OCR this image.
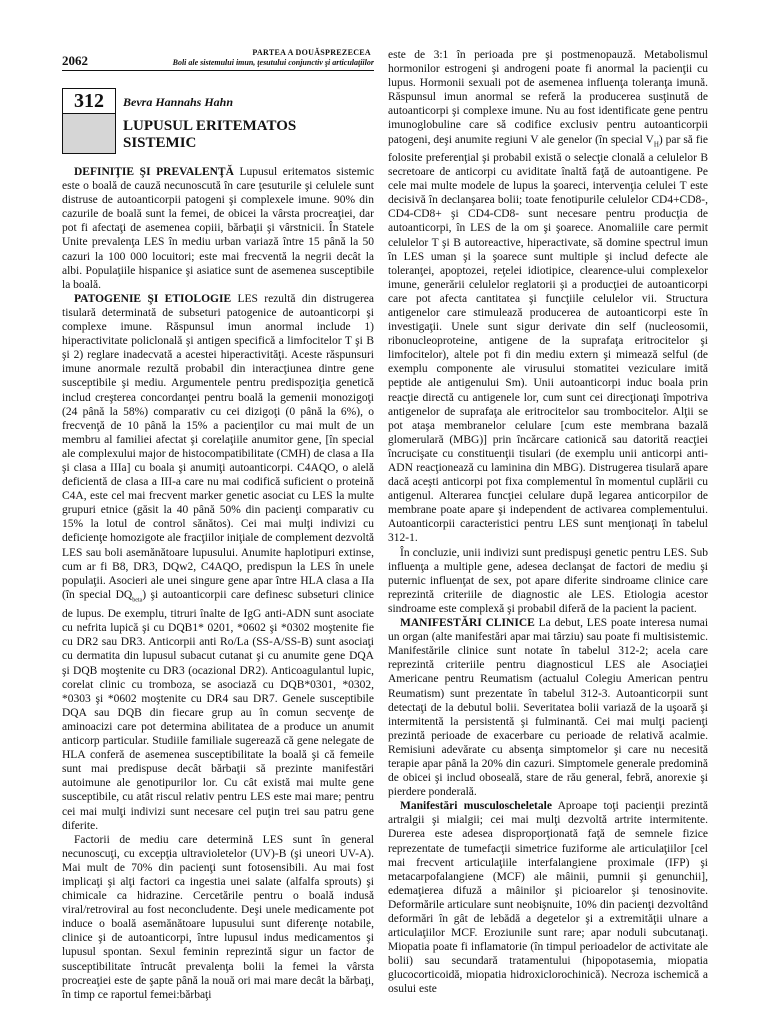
2062
PARTEA A DOUĂSPREZECEA
Boli ale sistemului imun, ţesutului conjunctiv şi articulaţiilor
312	Bevra Hannahs Hahn
LUPUSUL ERITEMATOS
SISTEMIC

DEFINIŢIE ŞI PREVALENŢĂ Lupusul eritematos sistemic este o boală de cauză necunoscută în care ţesuturile şi celulele sunt distruse de autoanticorpii patogeni şi complexele imune. 90% din cazurile de boală sunt la femei, de obicei la vârsta procreaţiei, dar pot fi afectaţi de asemenea copiii, bărbaţii şi vârstnicii. În Statele Unite prevalenţa LES în mediu urban variază între 15 până la 50 cazuri la 100 000 locuitori; este mai frecventă la negrii decât la albi. Populaţiile hispanice şi asiatice sunt de asemenea susceptibile la boală.

PATOGENIE ŞI ETIOLOGIE LES rezultă din distrugerea tisulară determinată de subseturi patogenice de autoanticorpi şi complexe imune. Răspunsul imun anormal include 1) hiperactivitate policlonală şi antigen specifică a limfocitelor T şi B şi 2) reglare inadecvată a acestei hiperactivităţi. Aceste răspunsuri imune anormale rezultă probabil din interacţiunea dintre gene susceptibile şi mediu. Argumentele pentru predispoziţia genetică includ creşterea concordanţei pentru boală la gemenii monozigoţi (24 până la 58%) comparativ cu cei dizigoţi (0 până la 6%), o frecvenţă de 10 până la 15% a pacienţilor cu mai mult de un membru al familiei afectat şi corelaţiile anumitor gene, [în special ale complexului major de histocompatibilitate (CMH) de clasa a IIa şi clasa a IIIa] cu boala şi anumiţi autoanticorpi. C4AQO, o alelă deficientă de clasa a III-a care nu mai codifică suficient o proteină C4A, este cel mai frecvent marker genetic asociat cu LES la multe grupuri etnice (găsit la 40 până 50% din pacienţi comparativ cu 15% la lotul de control sănătos). Cei mai mulţi indivizi cu deficienţe homozigote ale fracţiilor iniţiale de complement dezvoltă LES sau boli asemănătoare lupusului. Anumite haplotipuri extinse, cum ar fi B8, DR3, DQw2, C4AQO, predispun la LES în unele populaţii. Asocieri ale unei singure gene apar între HLA clasa a IIa (în special $DQ_{beta}$) şi autoanticorpii care definesc subseturi clinice de lupus. De exemplu, titruri înalte de IgG anti-ADN sunt asociate cu nefrita lupică şi cu DQB1* 0201, *0602 şi *0302 moştenite fie cu DR2 sau DR3. Anticorpii anti Ro/La (SS-A/SS-B) sunt asociaţi cu dermatita din lupusul subacut cutanat şi cu anumite gene DQA şi DQB moştenite cu DR3 (ocazional DR2). Anticoagulantul lupic, corelat clinic cu tromboza, se asociază cu DQB*0301, *0302, *0303 şi *0602 moştenite cu DR4 sau DR7. Genele susceptibile DQA sau DQB din fiecare grup au în comun secvenţe de aminoacizi care pot determina abilitatea de a produce un anumit anticorp particular. Studiile familiale sugerează că gene nelegate de HLA conferă de asemenea susceptibilitate la boală şi că femeile sunt mai predispuse decât bărbaţii să prezinte manifestări autoimune ale genotipurilor lor. Cu cât există mai multe gene susceptibile, cu atât riscul relativ pentru LES este mai mare; pentru cei mai mulţi indivizi sunt necesare cel puţin trei sau patru gene diferite.

Factorii de mediu care determină LES sunt în general necunoscuţi, cu excepţia ultravioletelor (UV)-B (şi uneori UV-A). Mai mult de 70% din pacienţi sunt fotosensibili. Au mai fost implicaţi şi alţi factori ca ingestia unei salate (alfalfa sprouts) şi chimicale ca hidrazine. Cercetările pentru o boală indusă viral/retroviral au fost neconcludente. Deşi unele medicamente pot induce o boală asemănătoare lupusului sunt diferenţe notabile, clinice şi de autoanticorpi, între lupusul indus medicamentos şi lupusul spontan. Sexul feminin reprezintă sigur un factor de susceptibilitate întrucât prevalenţa bolii la femei la vârsta procreaţiei este de şapte până la nouă ori mai mare decât la bărbaţi, în timp ce raportul femei:bărbaţi

este de 3:1 în perioada pre şi postmenopauză. Metabolismul hormonilor estrogeni şi androgeni poate fi anormal la pacienţii cu lupus. Hormonii sexuali pot de asemenea influenţa toleranţa imună. Răspunsul imun anormal se referă la producerea susţinută de autoanticorpi şi complexe imune. Nu au fost identificate gene pentru imunoglobuline care să codifice exclusiv pentru autoanticorpii patogeni, deşi anumite regiuni V ale genelor (în special $V_H$) par să fie folosite preferenţial şi probabil există o selecţie clonală a celulelor B secretoare de anticorpi cu aviditate înaltă faţă de autoantigene. Pe cele mai multe modele de lupus la şoareci, intervenţia celulei T este decisivă în declanşarea bolii; toate fenotipurile celulelor CD4+CD8-, CD4-CD8+ şi CD4-CD8- sunt necesare pentru producţia de autoanticorpi, în LES de la om şi şoarece. Anomaliile care permit celulelor T şi B autoreactive, hiperactivate, să domine spectrul imun în LES uman şi la şoarece sunt multiple şi includ defecte ale toleranţei, apoptozei, reţelei idiotipice, clearence-ului complexelor imune, generării celulelor reglatorii şi a producţiei de autoanticorpi care pot afecta cantitatea şi funcţiile celulelor vii. Structura antigenelor care stimulează producerea de autoanticorpi este în investigaţii. Unele sunt sigur derivate din self (nucleosomii, ribonucleoproteine, antigene de la suprafaţa eritrocitelor şi limfocitelor), altele pot fi din mediu extern şi mimează selful (de exemplu componente ale virusului stomatitei veziculare imită peptide ale antigenului Sm). Unii autoanticorpi induc boala prin reacţie directă cu antigenele lor, cum sunt cei direcţionaţi împotriva antigenelor de suprafaţa ale eritrocitelor sau trombocitelor. Alţii se pot ataşa membranelor celulare [cum este membrana bazală glomerulară (MBG)] prin încărcare cationică sau datorită reacţiei încrucişate cu constituenţii tisulari (de exemplu unii anticorpi anti-ADN reacţionează cu laminina din MBG). Distrugerea tisulară apare dacă aceşti anticorpi pot fixa complementul în momentul cuplării cu antigenul. Alterarea funcţiei celulare după legarea anticorpilor de membrane poate apare şi independent de activarea complementului. Autoanticorpii caracteristici pentru LES sunt menţionaţi în tabelul 312-1.

În concluzie, unii indivizi sunt predispuşi genetic pentru LES. Sub influenţa a multiple gene, adesea declanşat de factori de mediu şi puternic influenţat de sex, pot apare diferite sindroame clinice care reprezintă criteriile de diagnostic ale LES. Etiologia acestor sindroame este complexă şi probabil diferă de la pacient la pacient.

MANIFESTĂRI CLINICE La debut, LES poate interesa numai un organ (alte manifestări apar mai târziu) sau poate fi multisistemic. Manifestările clinice sunt notate în tabelul 312-2; acela care reprezintă criteriile pentru diagnosticul LES ale Asociaţiei Americane pentru Reumatism (actualul Colegiu American pentru Reumatism) sunt prezentate în tabelul 312-3. Autoanticorpii sunt detectaţi de la debutul bolii. Severitatea bolii variază de la uşoară şi intermitentă la persistentă şi fulminantă. Cei mai mulţi pacienţi prezintă perioade de exacerbare cu perioade de relativă acalmie. Remisiuni adevărate cu absenţa simptomelor şi care nu necesită terapie apar până la 20% din cazuri. Simptomele generale predomină de obicei şi includ oboseală, stare de rău general, febră, anorexie şi pierdere ponderală.

Manifestări musculoscheletale Aproape toţi pacienţii prezintă artralgii şi mialgii; cei mai mulţi dezvoltă artrite intermitente. Durerea este adesea disproporţionată faţă de semnele fizice reprezentate de tumefacţii simetrice fuziforme ale articulaţiilor [cel mai frecvent articulaţiile interfalangiene proximale (IFP) şi metacarpofalangiene (MCF) ale mâinii, pumnii şi genunchii], edemaţierea difuză a mâinilor şi picioarelor şi tenosinovite. Deformările articulare sunt neobişnuite, 10% din pacienţi dezvoltând deformări în gât de lebădă a degetelor şi a extremităţii ulnare a articulaţiilor MCF. Eroziunile sunt rare; apar noduli subcutanaţi. Miopatia poate fi inflamatorie (în timpul perioadelor de activitate ale bolii) sau secundară tratamentului (hipopotasemia, miopatia glucocorticoidă, miopatia hidroxiclorochinică). Necroza ischemică a osului este
